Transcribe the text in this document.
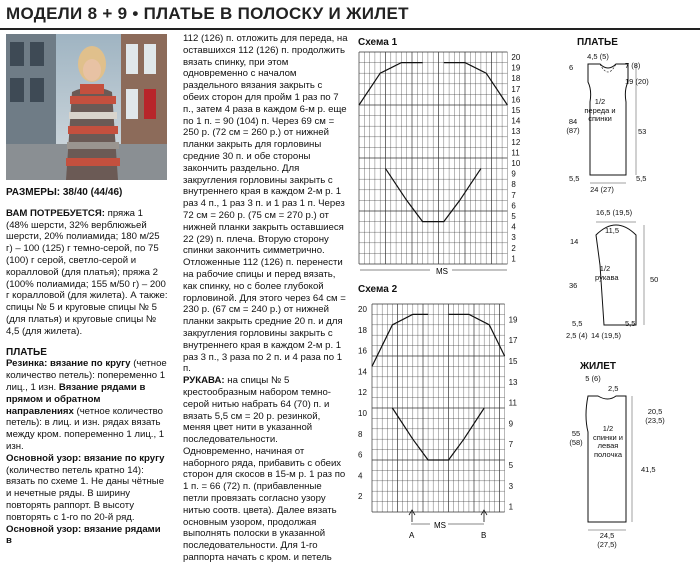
МОДЕЛИ 8 + 9 • ПЛАТЬЕ В ПОЛОСКУ И ЖИЛЕТ

РАЗМЕРЫ: 38/40 (44/46)

ВАМ ПОТРЕБУЕТСЯ: пряжа 1 (48% шерсти, 32% верблюжьей шерсти, 20% полиамида; 180 м/25 г) – 100 (125) г темно-серой, по 75 (100) г серой, светло-серой и коралловой (для платья); пряжа 2 (100% полиамида; 155 м/50 г) – 200 г коралловой (для жилета). А также: спицы № 5 и круговые спицы № 5 (для платья) и круговые спицы № 4,5 (для жилета).

ПЛАТЬЕ

Резинка: вязание по кругу (четное количество петель): попеременно 1 лиц., 1 изн. Вязание рядами в прямом и обратном направлениях (четное количество петель): в лиц. и изн. рядах вязать между кром. попеременно 1 лиц., 1 изн.

Основной узор: вязание по кругу (количество петель кратно 14): вязать по схеме 1. Не даны чётные и нечетные ряды. В ширину повторять раппорт. В высоту повторять с 1-го по 20-й ряд.

Основной узор: вязание рядами в

112 (126) п. отложить для переда, на оставшихся 112 (126) п. продолжить вязать спинку, при этом одновременно с началом раздельного вязания закрыть с обеих сторон для пройм 1 раз по 7 п., затем 4 раза в каждом 6-м р. еще по 1 п. = 90 (104) п. Через 69 см = 250 р. (72 см = 260 р.) от нижней планки закрыть для горловины средние 30 п. и обе стороны закончить раздельно. Для закругления горловины закрыть с внутреннего края в каждом 2-м р. 1 раз 4 п., 1 раз 3 п. и 1 раз 1 п. Через 72 см = 260 р. (75 см = 270 р.) от нижней планки закрыть оставшиеся 22 (29) п. плеча. Вторую сторону спинки закончить симметрично.

Отложенные 112 (126) п. перенести на рабочие спицы и перед вязать, как спинку, но с более глубокой горловиной. Для этого через 64 см = 230 р. (67 см = 240 р.) от нижней планки закрыть средние 20 п. и для закругления горловины закрыть с внутреннего края в каждом 2-м р. 1 раз 3 п., 3 раза по 2 п. и 4 раза по 1 п.

РУКАВА: на спицы № 5 крестообразным наборoм темно-серой нитью набрать 64 (70) п. и вязать 5,5 см = 20 р. резинкой, меняя цвет нити в указанной последовательности. Одновременно, начиная от наборного ряда, прибавить с обеих сторон для скосов в 15-м р. 1 раз по 1 п. = 66 (72) п. (прибавленные петли провязать согласно узору нитью соотв. цвета). Далее вязать основным узором, продолжая выполнять полоски в указанной последовательности. Для 1-го раппорта начать с кром. и петель

Схема 1
20
19
18
17
16
15
14
13
12
11
10
9
8
7
6
5
4
3
2
1
MS
Схема 2
20
18
16
14
12
10
8
6
4
2
19
17
15
13
11
9
7
5
3
1
MS
A	B
ПЛАТЬЕ
1/2 переда и спинки
4,5 (5)
6	7 (8)
19 (20)
84 (87)	53
5,5	5,5
24 (27)
16,5 (19,5)
11,5
14
36
50
1/2 рукава
5,5	5,5
14 (19,5)
2,5 (4)
ЖИЛЕТ
5 (6)
2,5
55 (58)
20,5 (23,5)
41,5
1/2 спинки и левая полочка
24,5 (27,5)
